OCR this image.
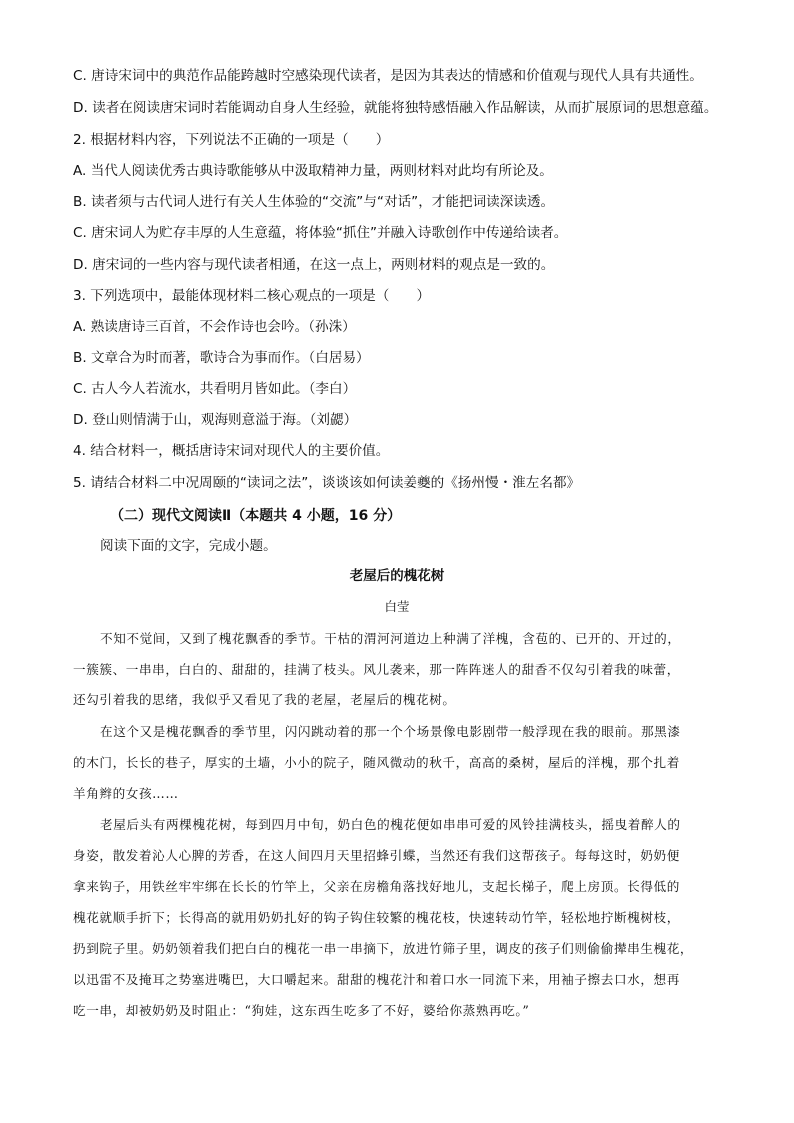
C. 唐诗宋词中的典范作品能跨越时空感染现代读者，是因为其表达的情感和价值观与现代人具有共通性。
D. 读者在阅读唐宋词时若能调动自身人生经验，就能将独特感悟融入作品解读，从而扩展原词的思想意蕴。
2. 根据材料内容，下列说法不正确的一项是（　　）
A. 当代人阅读优秀古典诗歌能够从中汲取精神力量，两则材料对此均有所论及。
B. 读者须与古代词人进行有关人生体验的“交流”与“对话”，才能把词读深读透。
C. 唐宋词人为贮存丰厚的人生意蕴，将体验“抓住”并融入诗歌创作中传递给读者。
D. 唐宋词的一些内容与现代读者相通，在这一点上，两则材料的观点是一致的。
3. 下列选项中，最能体现材料二核心观点的一项是（　　）
A. 熟读唐诗三百首，不会作诗也会吟。（孙洙）
B. 文章合为时而著，歌诗合为事而作。（白居易）
C. 古人今人若流水，共看明月皆如此。（李白）
D. 登山则情满于山，观海则意溢于海。（刘勰）
4. 结合材料一，概括唐诗宋词对现代人的主要价值。
5. 请结合材料二中况周颐的“读词之法”，谈谈该如何读姜夔的《扬州慢・淮左名都》
（二）现代文阅读Ⅱ（本题共 4 小题，16 分）
阅读下面的文字，完成小题。
老屋后的槐花树
白莹
不知不觉间，又到了槐花飘香的季节。干枯的渭河河道边上种满了洋槐，含苞的、已开的、开过的，
一簇簇、一串串，白白的、甜甜的，挂满了枝头。风儿袭来，那一阵阵迷人的甜香不仅勾引着我的味蕾，
还勾引着我的思绪，我似乎又看见了我的老屋，老屋后的槐花树。
在这个又是槐花飘香的季节里，闪闪跳动着的那一个个场景像电影剧带一般浮现在我的眼前。那黑漆
的木门，长长的巷子，厚实的土墙，小小的院子，随风微动的秋千，高高的桑树，屋后的洋槐，那个扎着
羊角辫的女孩……
老屋后头有两棵槐花树，每到四月中旬，奶白色的槐花便如串串可爱的风铃挂满枝头，摇曳着醉人的
身姿，散发着沁人心脾的芳香，在这人间四月天里招蜂引蝶，当然还有我们这帮孩子。每每这时，奶奶便
拿来钩子，用铁丝牢牢绑在长长的竹竿上，父亲在房檐角落找好地儿，支起长梯子，爬上房顶。长得低的
槐花就顺手折下；长得高的就用奶奶扎好的钩子钩住较繁的槐花枝，快速转动竹竿，轻松地拧断槐树枝，
扔到院子里。奶奶领着我们把白白的槐花一串一串摘下，放进竹筛子里，调皮的孩子们则偷偷撵串生槐花，
以迅雷不及掩耳之势塞进嘴巴，大口嚼起来。甜甜的槐花汁和着口水一同流下来，用袖子擦去口水，想再
吃一串，却被奶奶及时阻止：“狗娃，这东西生吃多了不好，婆给你蒸熟再吃。”
